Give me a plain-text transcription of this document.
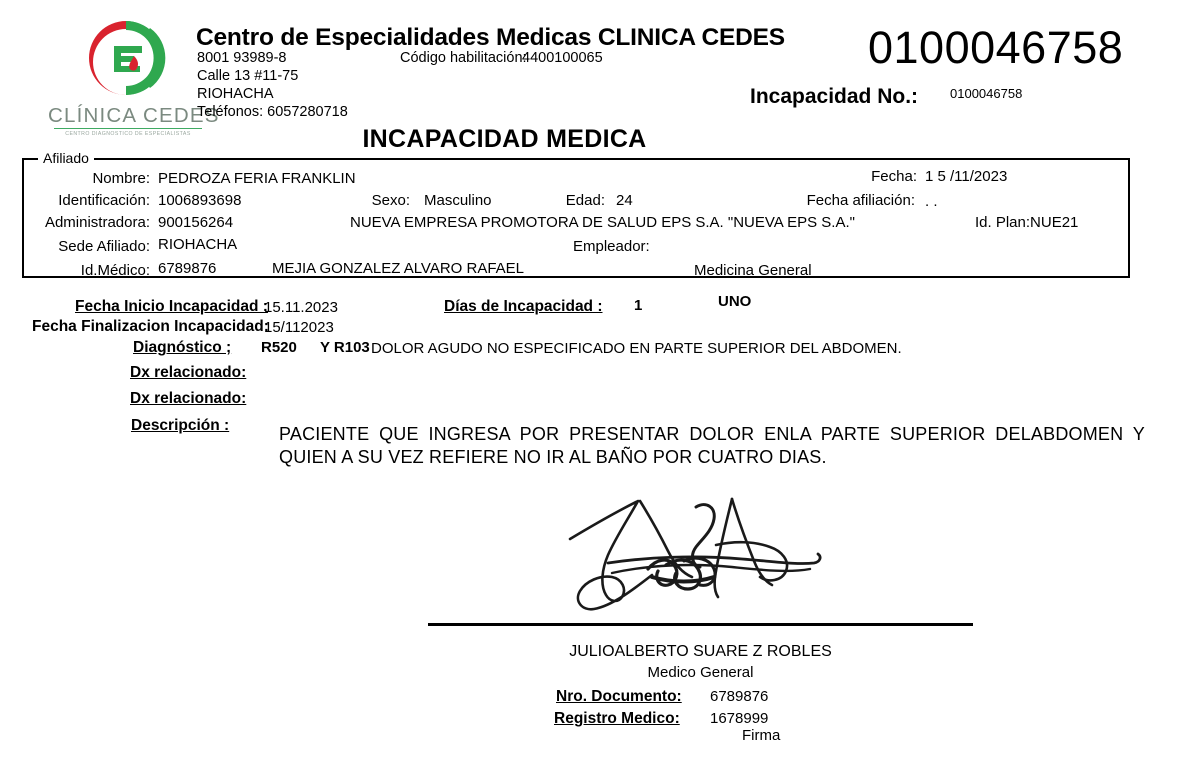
CLÍNICA CEDES
CENTRO DIAGNOSTICO DE ESPECIALISTAS
Centro de Especialidades Medicas CLINICA CEDES
8001 93989-8	Código habilitación:
4400100065
Calle 13 #11-75
RIOHACHA
Teléfonos: 6057280718
0100046758
Incapacidad No.: 0100046758
INCAPACIDAD MEDICA
Afiliado
Nombre: PEDROZA FERIA FRANKLIN
Identificación: 1006893698	Sexo: Masculino	Edad: 24
Fecha: 1 5 /11/2023
Fecha afiliación: . .
Administradora: 900156264	NUEVA EMPRESA PROMOTORA DE SALUD EPS S.A. "NUEVA EPS S.A."	Id. Plan:NUE21
Sede Afiliado: RIOHACHA	Empleador:
Id.Médico: 6789876	MEJIA GONZALEZ ALVARO RAFAEL	Medicina General
Fecha Inicio Incapacidad :
15.11.2023	Días de Incapacidad : 1	UNO
Fecha Finalizacion Incapacidad:
15/112023
Diagnóstico ; R520 Y R103 DOLOR AGUDO NO ESPECIFICADO EN PARTE SUPERIOR DEL ABDOMEN.
Dx relacionado:
Dx relacionado:
Descripción :	PACIENTE QUE INGRESA POR PRESENTAR DOLOR ENLA PARTE SUPERIOR DELABDOMEN Y QUIEN A SU VEZ REFIERE NO IR AL BAÑO POR CUATRO DIAS.
JULIOALBERTO SUARE Z ROBLES
Medico General
Nro. Documento: 6789876
Registro Medico: 1678999
Firma
